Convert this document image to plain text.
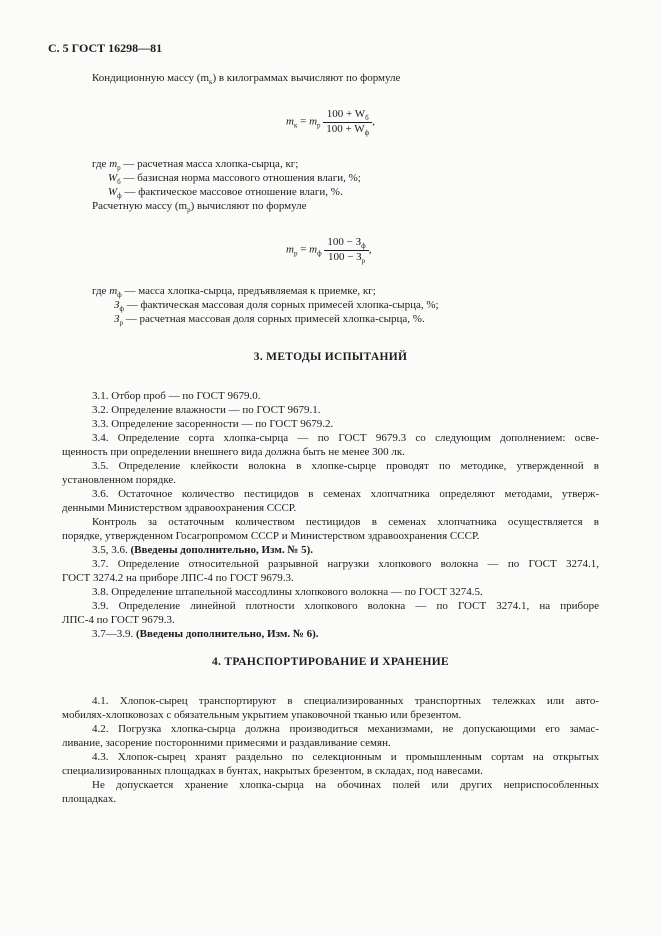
С. 5 ГОСТ 16298—81
Кондиционную массу $(m_к)$ в килограммах вычисляют по формуле
$m_к = m_р \frac{100 + W_б}{100 + W_ф}$ ,
где $m_р$ — расчетная масса хлопка-сырца, кг;
$W_б$ — базисная норма массового отношения влаги, %;
$W_ф$ — фактическое массовое отношение влаги, %.
Расчетную массу $(m_р)$ вычисляют по формуле
$m_р = m_ф \frac{100 - З_ф}{100 - З_р}$ ,
где $m_ф$ — масса хлопка-сырца, предъявляемая к приемке, кг;
$З_ф$ — фактическая массовая доля сорных примесей хлопка-сырца, %;
$З_р$ — расчетная массовая доля сорных примесей хлопка-сырца, %.
3. МЕТОДЫ ИСПЫТАНИЙ
3.1. Отбор проб — по ГОСТ 9679.0.
3.2. Определение влажности — по ГОСТ 9679.1.
3.3. Определение засоренности — по ГОСТ 9679.2.
3.4. Определение сорта хлопка-сырца — по ГОСТ 9679.3 со следующим дополнением: осве-
щенность при определении внешнего вида должна быть не менее 300 лк.
3.5. Определение клейкости волокна в хлопке-сырце проводят по методике, утвержденной в
установленном порядке.
3.6. Остаточное количество пестицидов в семенах хлопчатника определяют методами, утверж-
денными Министерством здравоохранения СССР.
Контроль за остаточным количеством пестицидов в семенах хлопчатника осуществляется в
порядке, утвержденном Госагропромом СССР и Министерством здравоохранения СССР.
3.5, 3.6. (Введены дополнительно, Изм. № 5).
3.7. Определение относительной разрывной нагрузки хлопкового волокна — по ГОСТ 3274.1,
ГОСТ 3274.2 на приборе ЛПС-4 по ГОСТ 9679.3.
3.8. Определение штапельной массодлины хлопкового волокна — по ГОСТ 3274.5.
3.9. Определение линейной плотности хлопкового волокна — по ГОСТ 3274.1, на приборе
ЛПС-4 по ГОСТ 9679.3.
3.7—3.9. (Введены дополнительно, Изм. № 6).
4. ТРАНСПОРТИРОВАНИЕ И ХРАНЕНИЕ
4.1. Хлопок-сырец транспортируют в специализированных транспортных тележках или авто-
мобилях-хлопковозах с обязательным укрытием упаковочной тканью или брезентом.
4.2. Погрузка хлопка-сырца должна производиться механизмами, не допускающими его замас-
ливание, засорение посторонними примесями и раздавливание семян.
4.3. Хлопок-сырец хранят раздельно по селекционным и промышленным сортам на открытых
специализированных площадках в бунтах, накрытых брезентом, в складах, под навесами.
Не допускается хранение хлопка-сырца на обочинах полей или других неприспособленных
площадках.
